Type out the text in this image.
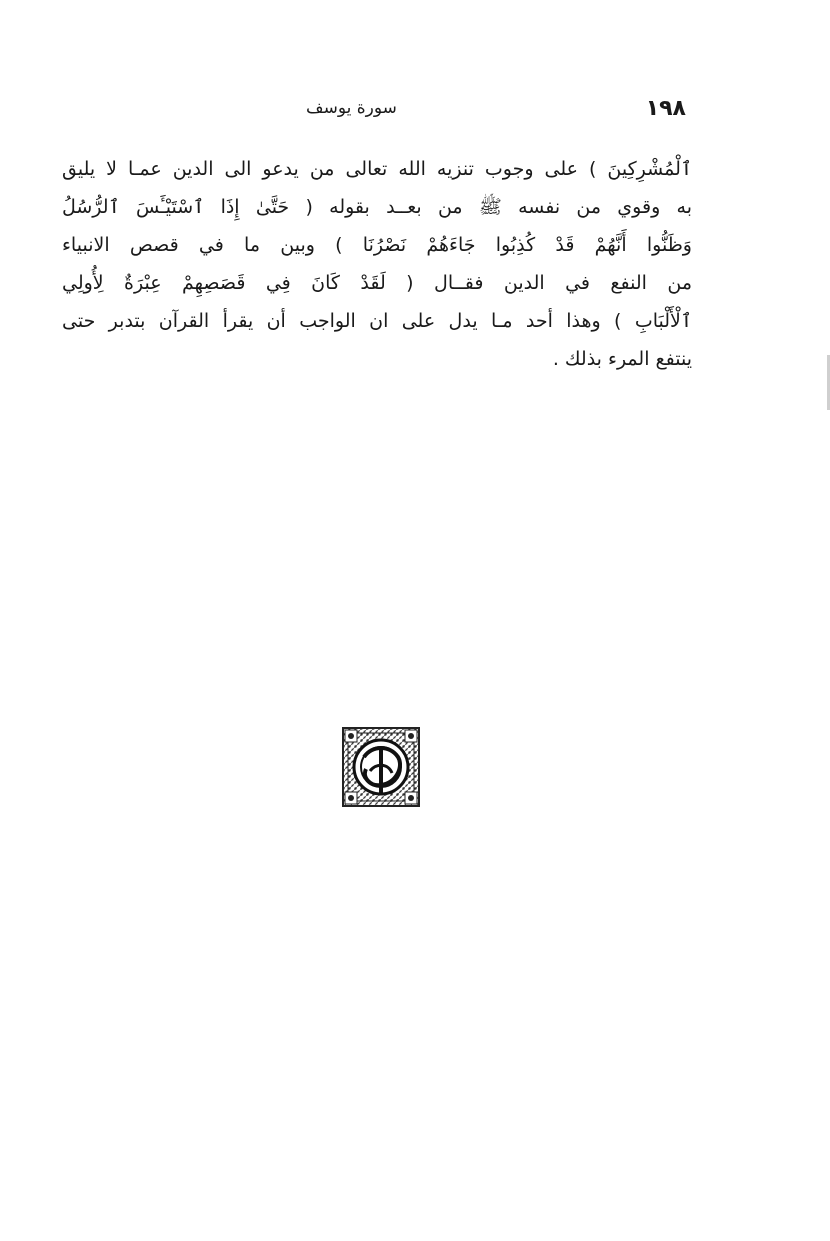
سورة يوسف	١٩٨
ٱلْمُشْرِكِينَ ) على وجوب تنزيه الله تعالى من يدعو الى الدين عمـا لا يليق
به وقوي من نفسه ﷺ من بعــد بقوله ( حَتَّىٰ إِذَا ٱسْتَيْـَٔسَ ٱلرُّسُلُ
وَظَنُّوا أَنَّهُمْ قَدْ كُذِبُوا جَاءَهُمْ نَصْرُنَا ) وبين ما في قصص الانبياء
من النفع في الدين فقــال ( لَقَدْ كَانَ فِي قَصَصِهِمْ عِبْرَةٌ لِأُولِي
ٱلْأَلْبَابِ ) وهذا أحد مـا يدل على ان الواجب أن يقرأ القرآن بتدبر حتى
ينتفع المرء بذلك .
